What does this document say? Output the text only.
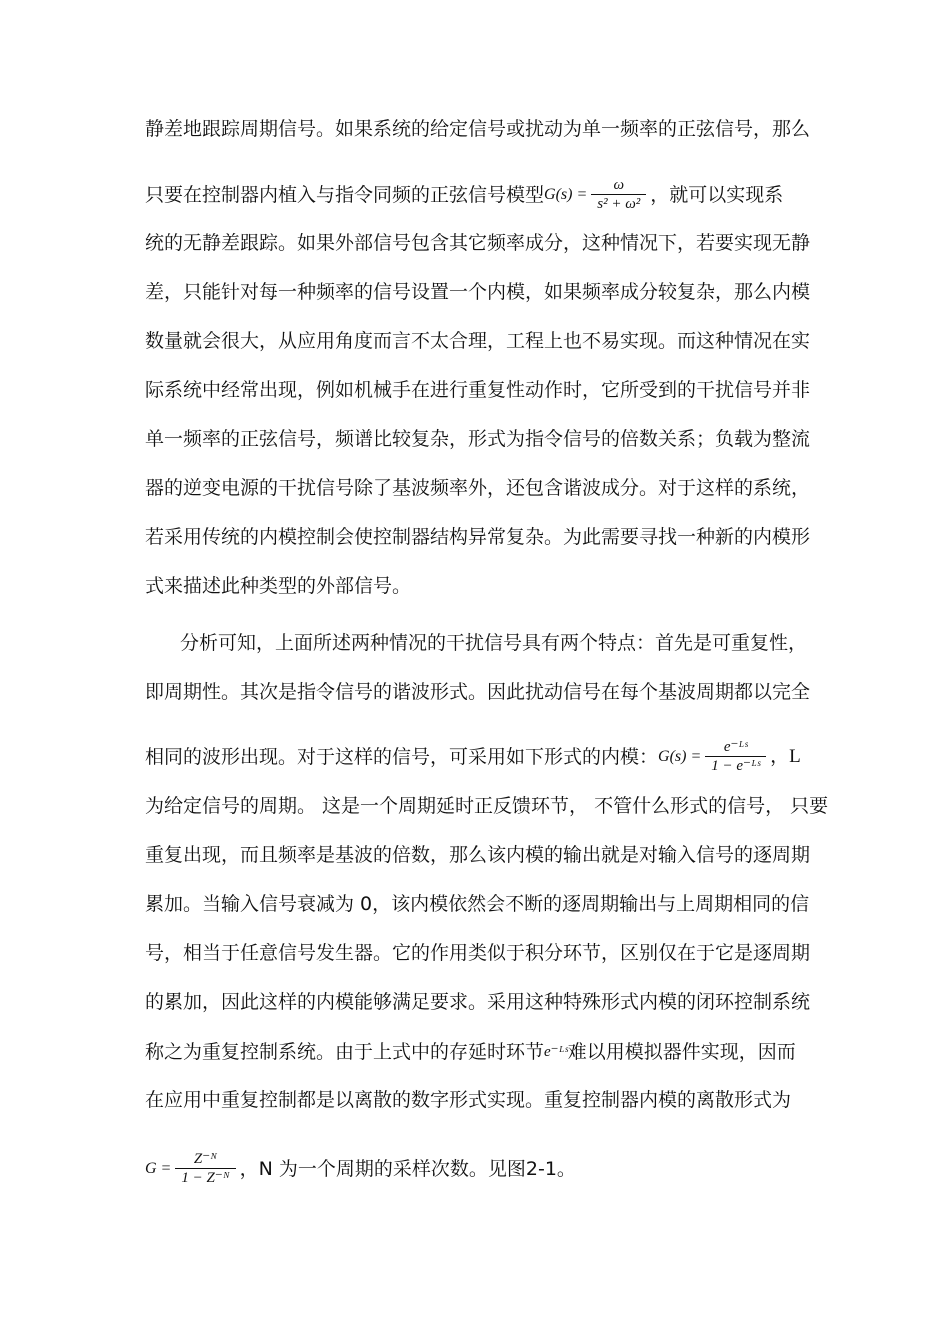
静差地跟踪周期信号。如果系统的给定信号或扰动为单一频率的正弦信号，那么
只要在控制器内植入与指令同频的正弦信号模型$G(s) = \frac{\omega}{\text{s² + ω²}}$ ，就可以实现系
统的无静差跟踪。如果外部信号包含其它频率成分，这种情况下，若要实现无静
差，只能针对每一种频率的信号设置一个内模，如果频率成分较复杂，那么内模
数量就会很大，从应用角度而言不太合理，工程上也不易实现。而这种情况在实
际系统中经常出现，例如机械手在进行重复性动作时，它所受到的干扰信号并非
单一频率的正弦信号，频谱比较复杂，形式为指令信号的倍数关系；负载为整流
器的逆变电源的干扰信号除了基波频率外，还包含谐波成分。对于这样的系统，
若采用传统的内模控制会使控制器结构异常复杂。为此需要寻找一种新的内模形
式来描述此种类型的外部信号。
分析可知，上面所述两种情况的干扰信号具有两个特点：首先是可重复性，
即周期性。其次是指令信号的谐波形式。因此扰动信号在每个基波周期都以完全
相同的波形出现。对于这样的信号，可采用如下形式的内模：$G(s) = \frac{\text{e⁻ᴸˢ}}{\text{1 − e⁻ᴸˢ}}$ ，L
为给定信号的周期。 这是一个周期延时正反馈环节， 不管什么形式的信号， 只要
重复出现，而且频率是基波的倍数，那么该内模的输出就是对输入信号的逐周期
累加。当输入信号衰减为 0，该内模依然会不断的逐周期输出与上周期相同的信
号，相当于任意信号发生器。它的作用类似于积分环节，区别仅在于它是逐周期
的累加，因此这样的内模能够满足要求。采用这种特殊形式内模的闭环控制系统
称之为重复控制系统。由于上式中的存延时环节e⁻ᴸˢ难以用模拟器件实现，因而
在应用中重复控制都是以离散的数字形式实现。重复控制器内模的离散形式为
$G = \frac{\text{Z⁻ᴺ}}{\text{1 − Z⁻ᴺ}}$ ，N 为一个周期的采样次数。见图2-1。
